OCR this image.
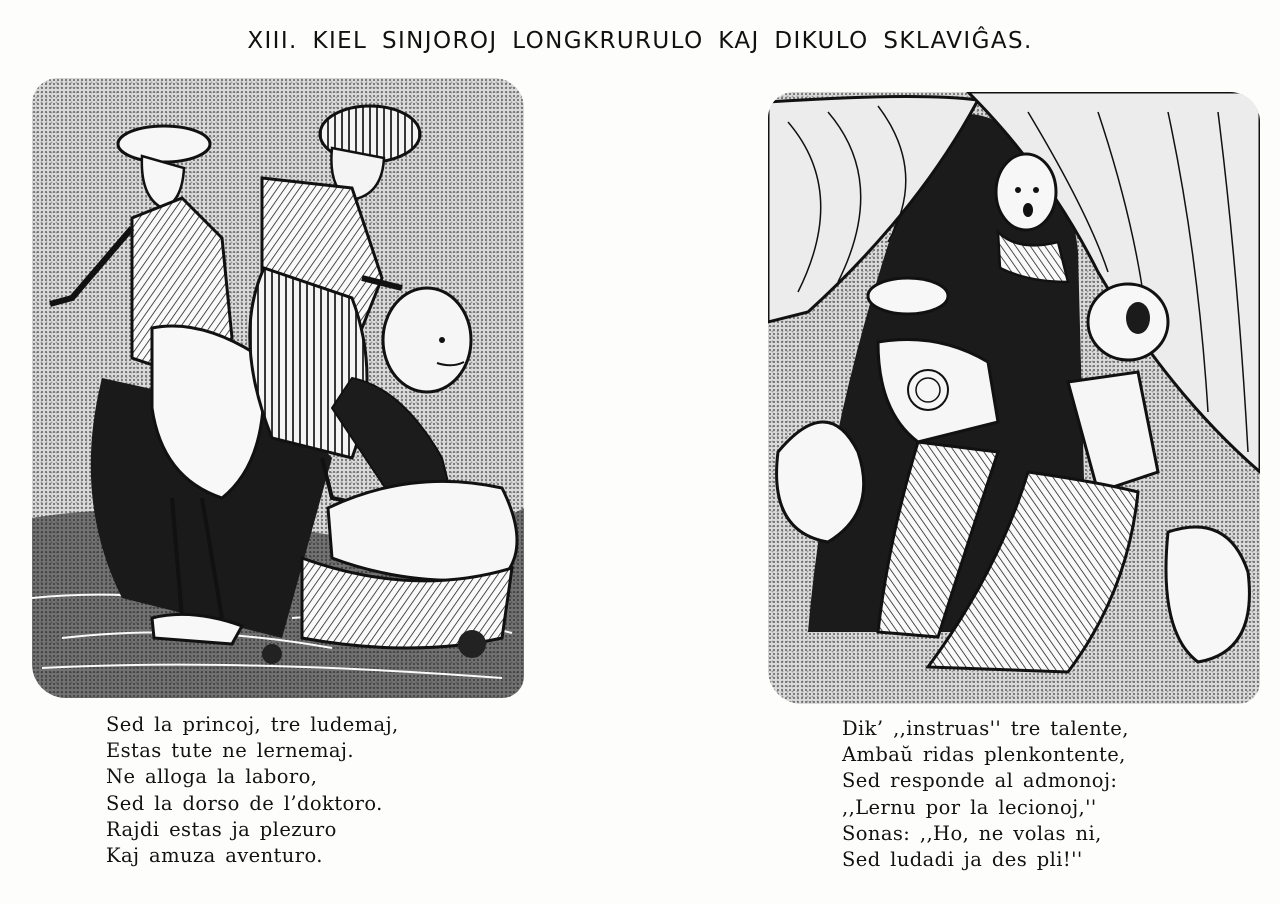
XIII. KIEL SINJOROJ LONGKRURULO KAJ DIKULO SKLAVIĜAS.
Sed la princoj, tre ludemaj,
Estas tute ne lernemaj.
Ne alloga la laboro,
Sed la dorso de l’doktoro.
Rajdi estas ja plezuro
Kaj amuza aventuro.
Dik’ ,,instruas'' tre talente,
Ambaŭ ridas plenkontente,
Sed responde al admonoj:
,,Lernu por la lecionoj,''
Sonas: ,,Ho, ne volas ni,
Sed ludadi ja des pli!''
